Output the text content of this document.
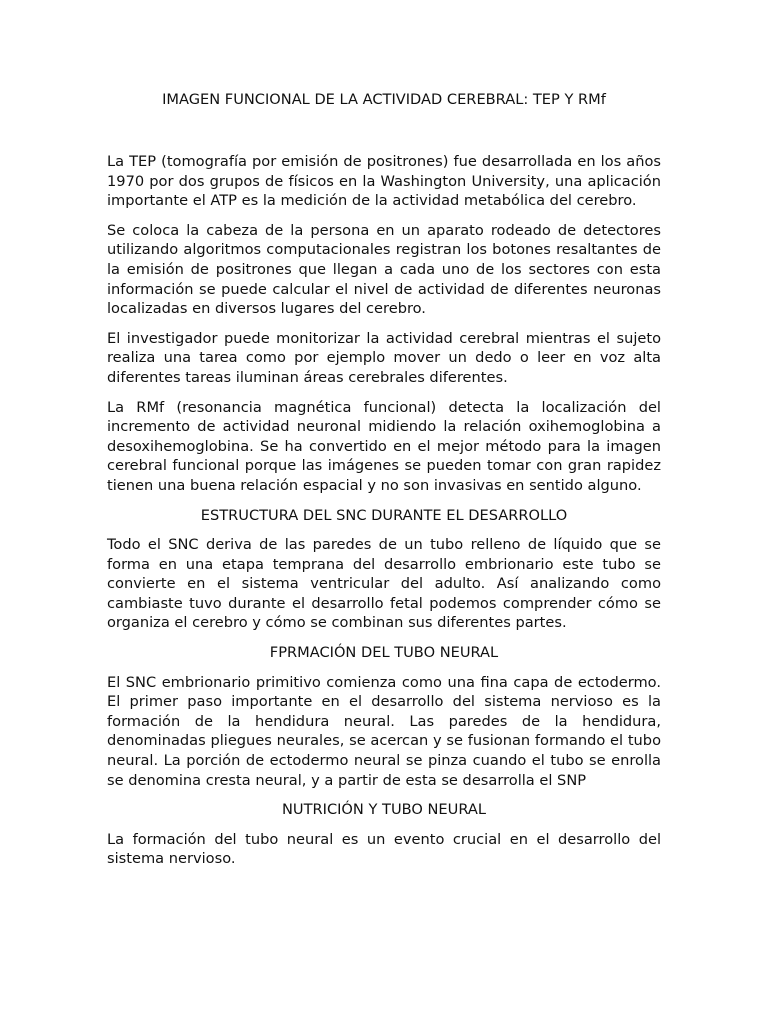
IMAGEN FUNCIONAL DE LA ACTIVIDAD CEREBRAL: TEP Y RMf

La TEP (tomografía por emisión de positrones) fue desarrollada en los años 1970 por dos grupos de físicos en la Washington University, una aplicación importante el ATP es la medición de la actividad metabólica del cerebro.

Se coloca la cabeza de la persona en un aparato rodeado de detectores utilizando algoritmos computacionales registran los botones resaltantes de la emisión de positrones que llegan a cada uno de los sectores con esta información se puede calcular el nivel de actividad de diferentes neuronas localizadas en diversos lugares del cerebro.

El investigador puede monitorizar la actividad cerebral mientras el sujeto realiza una tarea como por ejemplo mover un dedo o leer en voz alta diferentes tareas iluminan áreas cerebrales diferentes.

La RMf (resonancia magnética funcional) detecta la localización del incremento de actividad neuronal midiendo la relación oxihemoglobina a desoxihemoglobina. Se ha convertido en el mejor método para la imagen cerebral funcional porque las imágenes se pueden tomar con gran rapidez tienen una buena relación espacial y no son invasivas en sentido alguno.

ESTRUCTURA DEL SNC DURANTE EL DESARROLLO

Todo el SNC deriva de las paredes de un tubo relleno de líquido que se forma en una etapa temprana del desarrollo embrionario este tubo se convierte en el sistema ventricular del adulto. Así analizando como cambiaste tuvo durante el desarrollo fetal podemos comprender cómo se organiza el cerebro y cómo se combinan sus diferentes partes.

FPRMACIÓN DEL TUBO NEURAL

El SNC embrionario primitivo comienza como una fina capa de ectodermo. El primer paso importante en el desarrollo del sistema nervioso es la formación de la hendidura neural. Las paredes de la hendidura, denominadas pliegues neurales, se acercan y se fusionan formando el tubo neural. La porción de ectodermo neural se pinza cuando el tubo se enrolla se denomina cresta neural, y a partir de esta se desarrolla el SNP

NUTRICIÓN Y TUBO NEURAL

La formación del tubo neural es un evento crucial en el desarrollo del sistema nervioso.
